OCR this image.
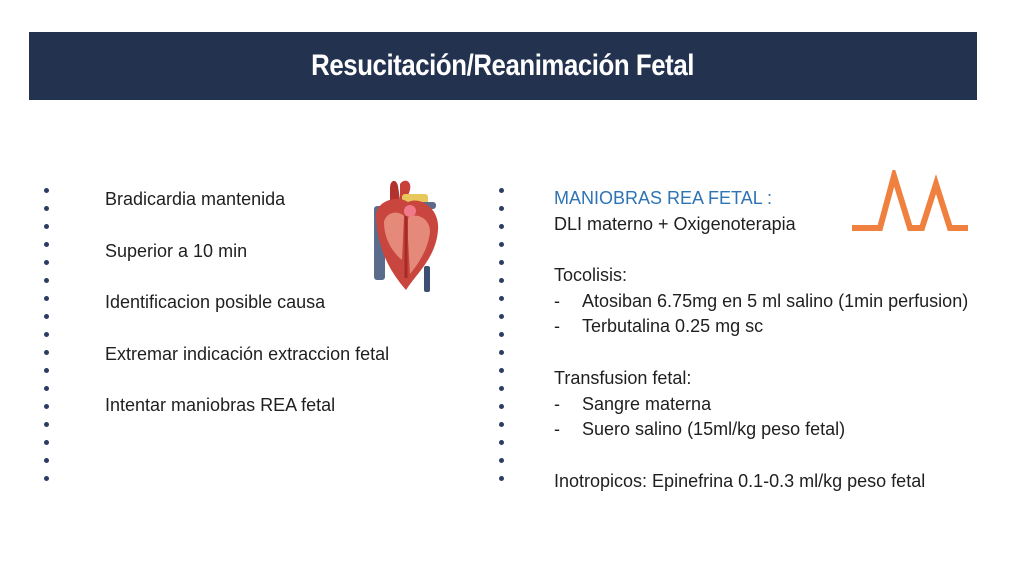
Resucitación/Reanimación Fetal
Bradicardia mantenida
Superior a 10 min
Identificacion posible causa
Extremar indicación extraccion fetal
Intentar maniobras REA fetal
MANIOBRAS REA FETAL :
DLI materno + Oxigenoterapia
Tocolisis:
- Atosiban 6.75mg en 5 ml salino (1min perfusion)
- Terbutalina 0.25 mg sc
Transfusion fetal:
- Sangre materna
- Suero salino (15ml/kg peso fetal)
Inotropicos: Epinefrina 0.1-0.3 ml/kg peso fetal
